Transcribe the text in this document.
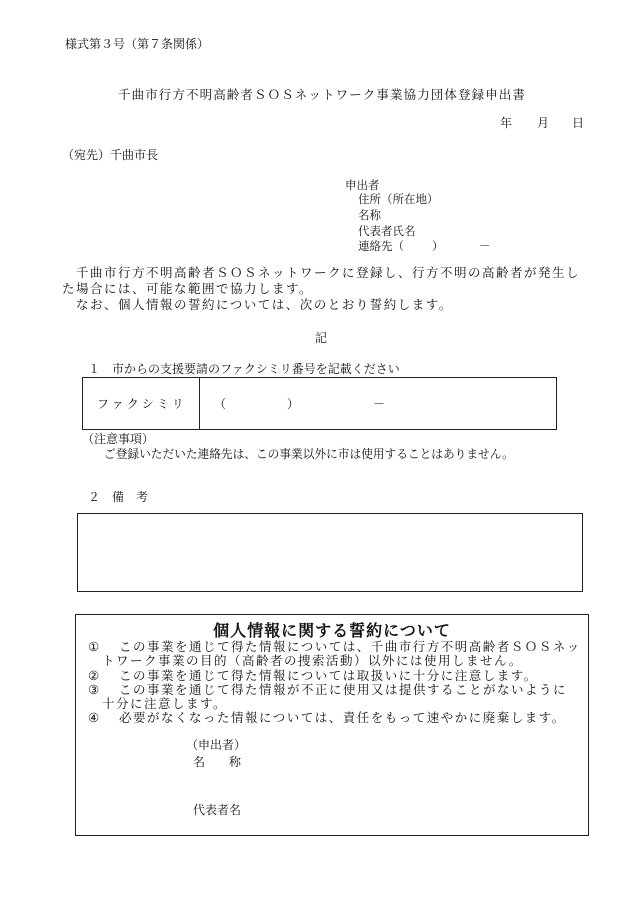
様式第３号（第７条関係）
千曲市行方不明高齢者ＳＯＳネットワーク事業協力団体登録申出書
年 月 日
（宛先）千曲市長
申出者
住所（所在地）
名称
代表者氏名
連絡先（ ）	－
　千曲市行方不明高齢者ＳＯＳネットワークに登録し、行方不明の高齢者が発生し
た場合には、可能な範囲で協力します。
　なお、個人情報の誓約については、次のとおり誓約します。
記
１　市からの支援要請のファクシミリ番号を記載ください
ファクシミリ （	）	－
（注意事項）
ご登録いただいた連絡先は、この事業以外に市は使用することはありません。
２　備　考
個人情報に関する誓約について
① この事業を通じて得た情報については、千曲市行方不明高齢者ＳＯＳネッ
トワーク事業の目的（高齢者の捜索活動）以外には使用しません。
② この事業を通じて得た情報については取扱いに十分に注意します。
③ この事業を通じて得た情報が不正に使用又は提供することがないように
十分に注意します。
④ 必要がなくなった情報については、責任をもって速やかに廃棄します。
（申出者）
名　　称
代表者名
